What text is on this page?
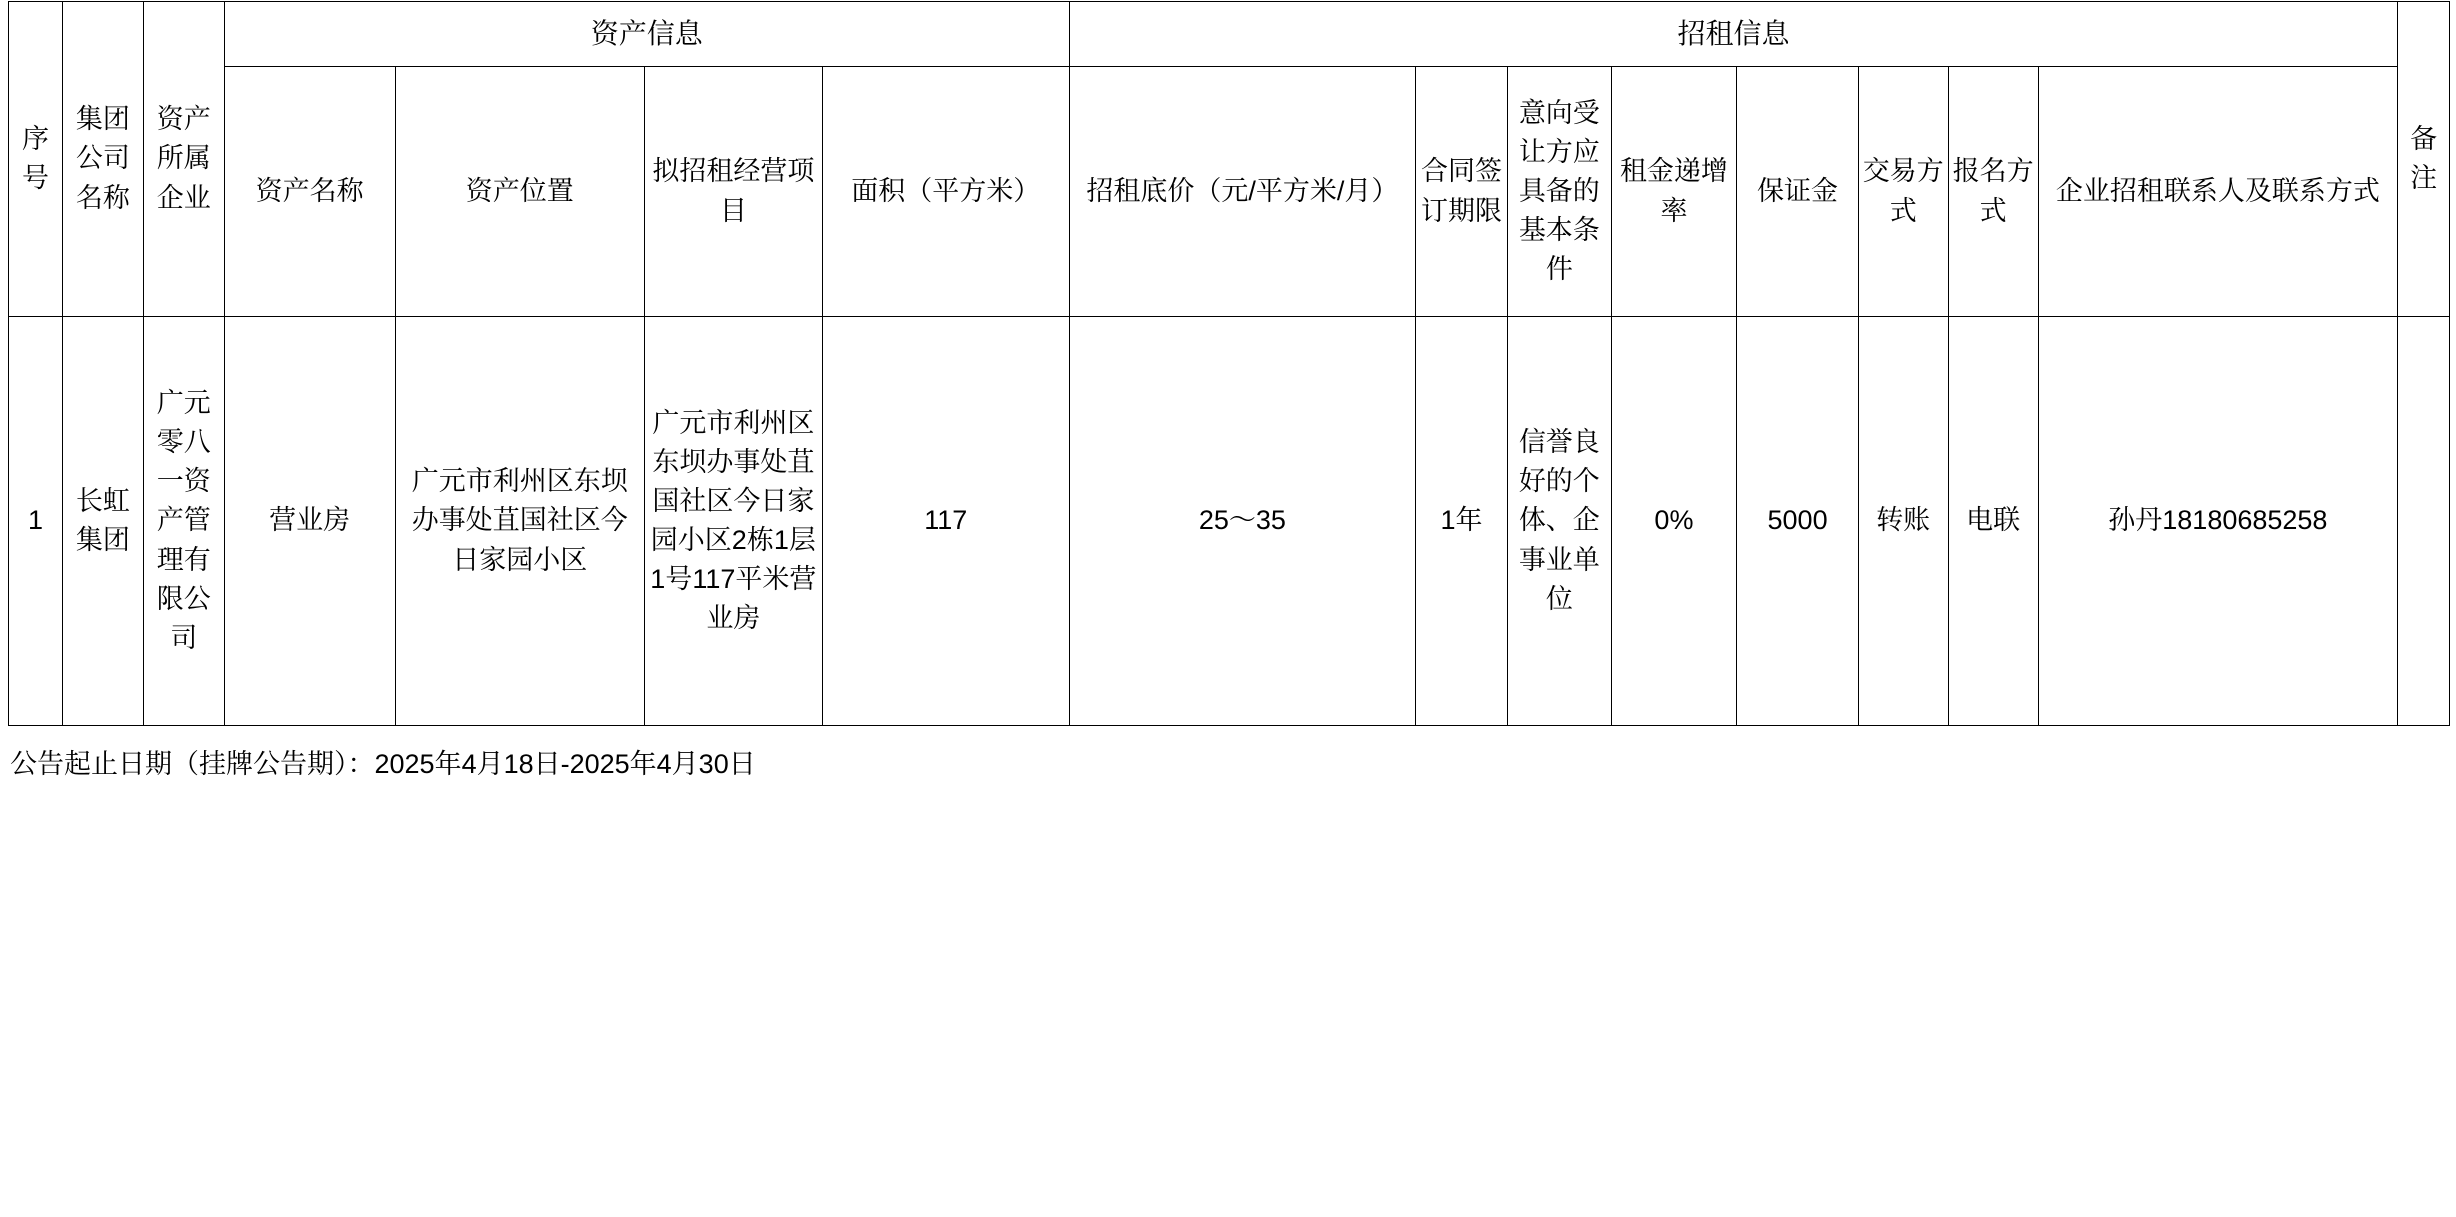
序号	集团公司名称	资产所属企业	资产信息				招租信息								备注

			资产名称	资产位置	拟招租经营项目	面积（平方米）	招租底价（元/平方米/月）	合同签订期限	意向受让方应具备的基本条件	租金递增率	保证金	交易方式	报名方式	企业招租联系人及联系方式	
1	长虹集团	广元零八一资产管理有限公司	营业房	广元市利州区东坝办事处苴国社区今日家园小区	广元市利州区东坝办事处苴国社区今日家园小区2栋1层1号117平米营业房	117	25～35	1年	信誉良好的个体、企事业单位	0%	5000	转账	电联	孙丹18180685258	
公告起止日期（挂牌公告期）：2025年4月18日-2025年4月30日
